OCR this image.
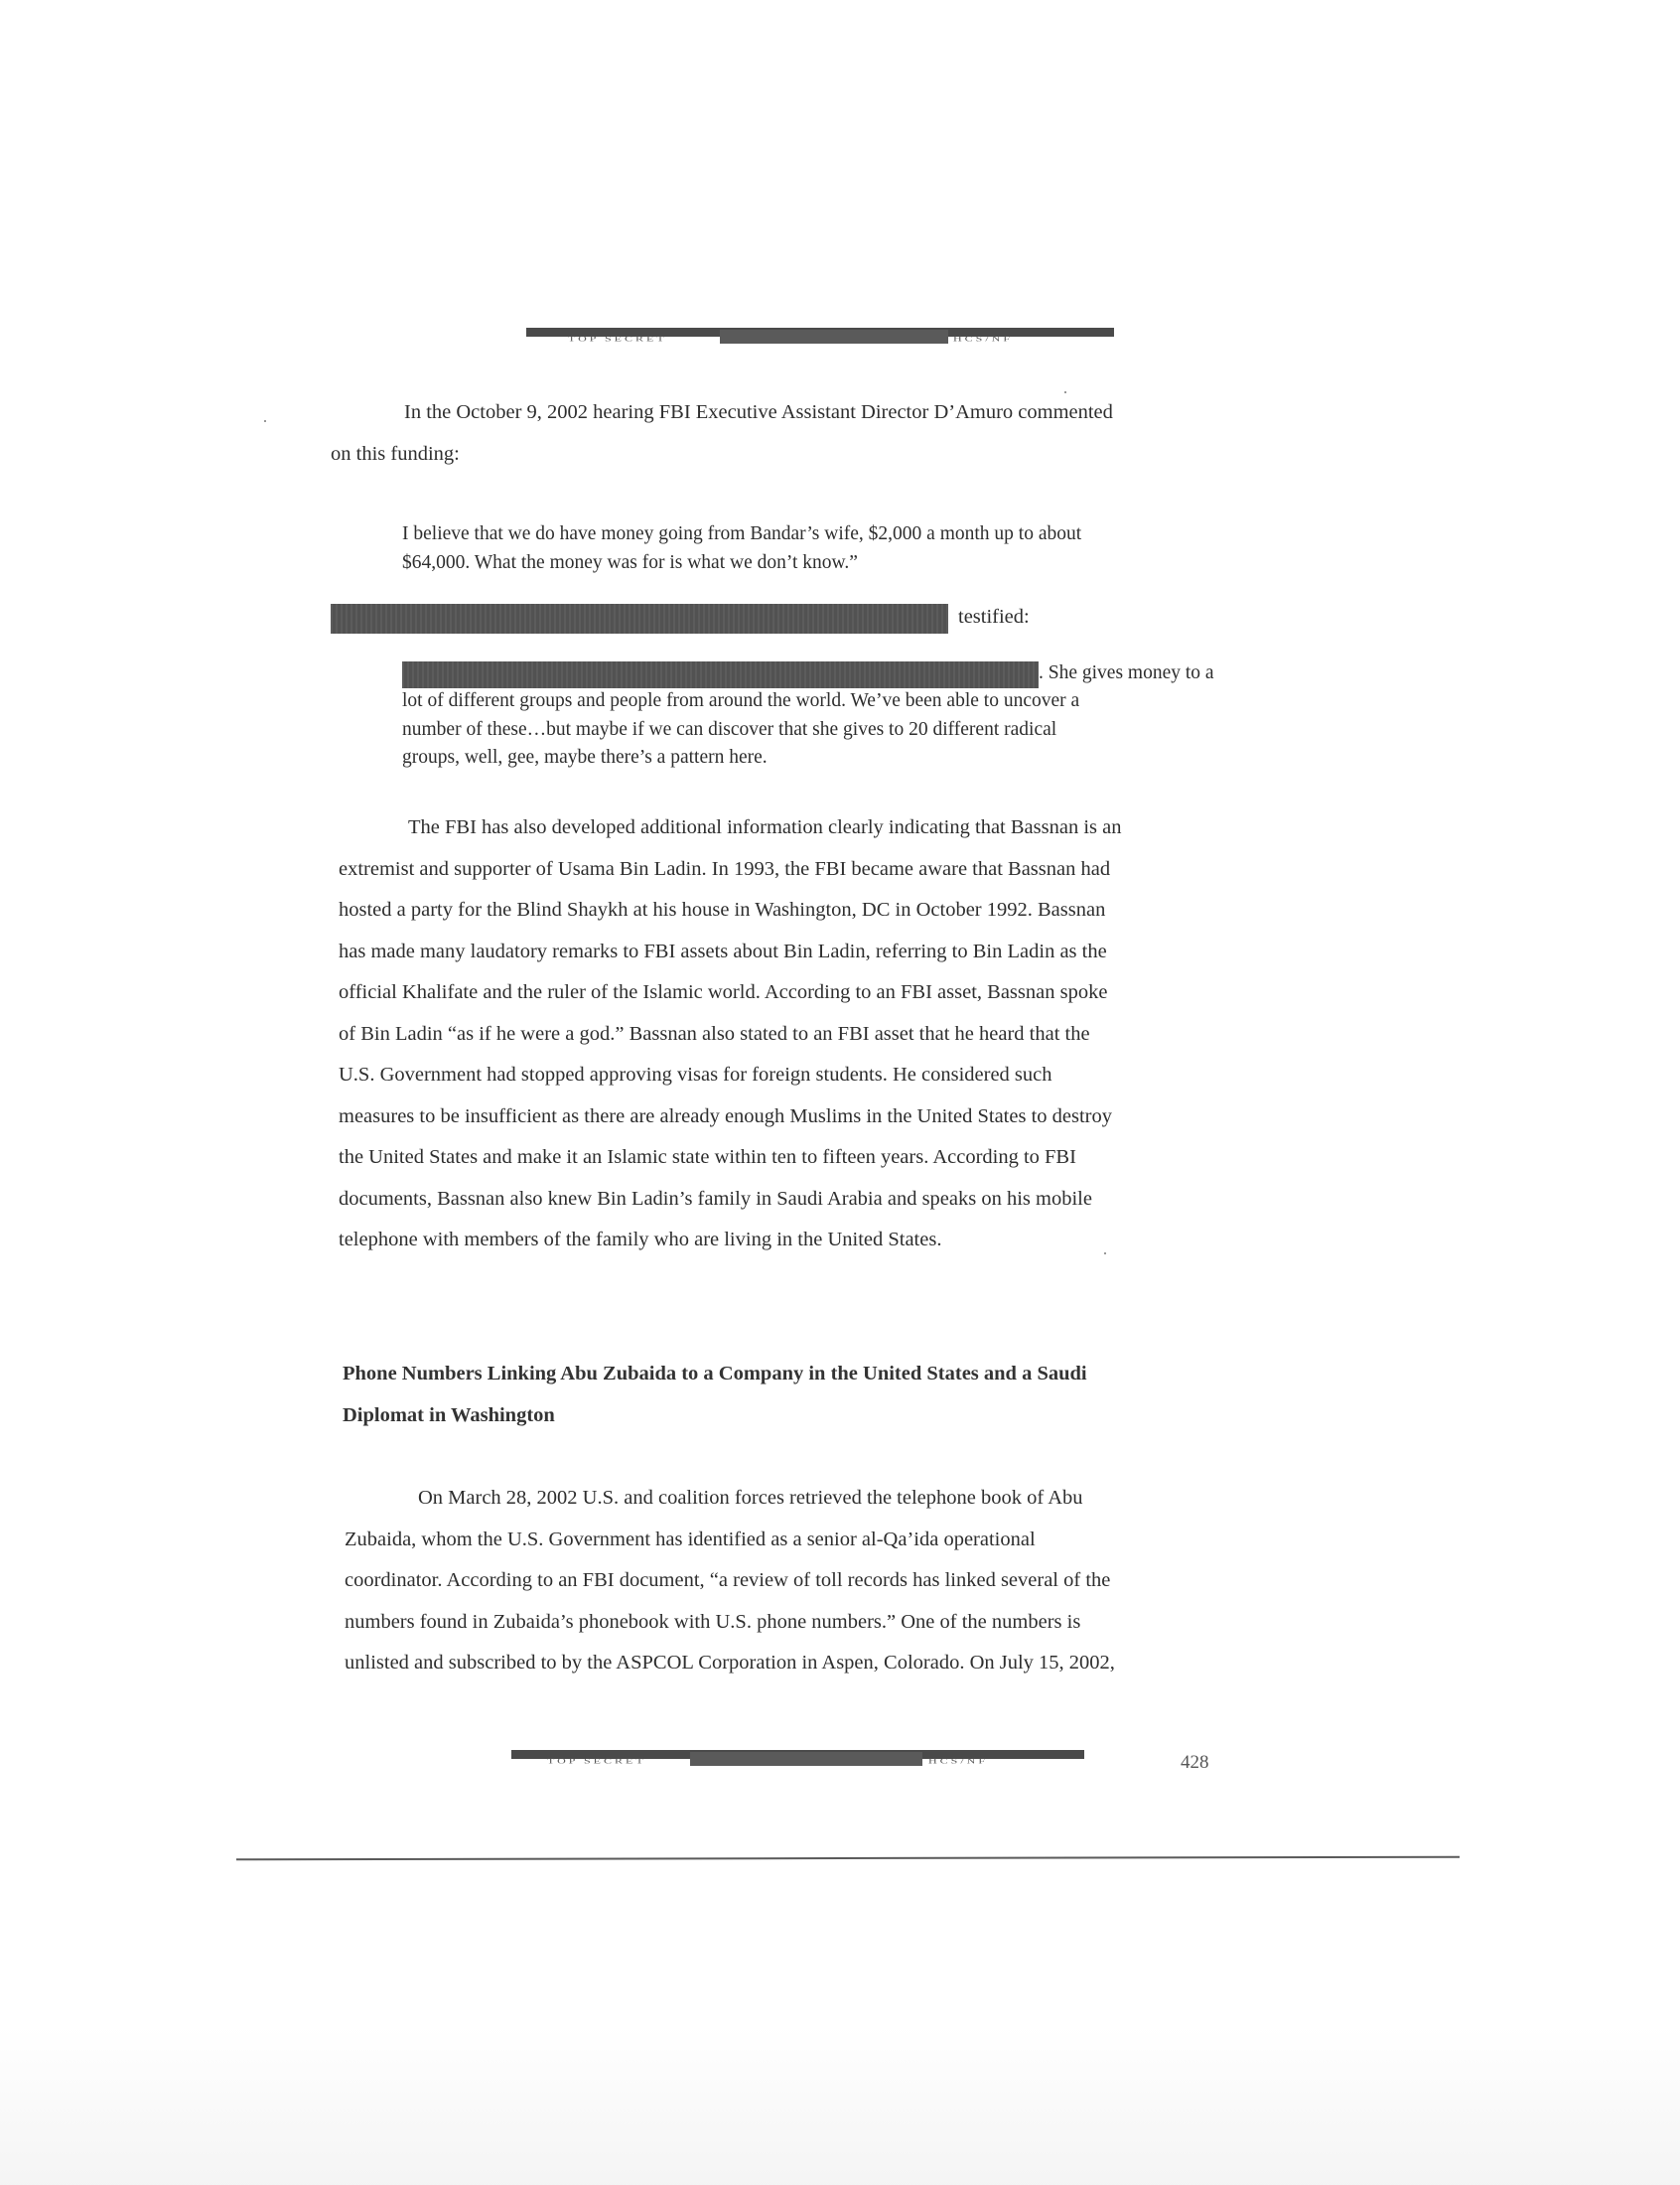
TOP SECRET	HCS/NF
In the October 9, 2002 hearing FBI Executive Assistant Director D’Amuro commented
on this funding:
I believe that we do have money going from Bandar’s wife, $2,000 a month up to about
$64,000. What the money was for is what we don’t know.”
testified:
. She gives money to a
lot of different groups and people from around the world. We’ve been able to uncover a
number of these…but maybe if we can discover that she gives to 20 different radical
groups, well, gee, maybe there’s a pattern here.
The FBI has also developed additional information clearly indicating that Bassnan is an
extremist and supporter of Usama Bin Ladin. In 1993, the FBI became aware that Bassnan had
hosted a party for the Blind Shaykh at his house in Washington, DC in October 1992. Bassnan
has made many laudatory remarks to FBI assets about Bin Ladin, referring to Bin Ladin as the
official Khalifate and the ruler of the Islamic world. According to an FBI asset, Bassnan spoke
of Bin Ladin “as if he were a god.” Bassnan also stated to an FBI asset that he heard that the
U.S. Government had stopped approving visas for foreign students. He considered such
measures to be insufficient as there are already enough Muslims in the United States to destroy
the United States and make it an Islamic state within ten to fifteen years. According to FBI
documents, Bassnan also knew Bin Ladin’s family in Saudi Arabia and speaks on his mobile
telephone with members of the family who are living in the United States.
Phone Numbers Linking Abu Zubaida to a Company in the United States and a Saudi
Diplomat in Washington
On March 28, 2002 U.S. and coalition forces retrieved the telephone book of Abu
Zubaida, whom the U.S. Government has identified as a senior al-Qa’ida operational
coordinator. According to an FBI document, “a review of toll records has linked several of the
numbers found in Zubaida’s phonebook with U.S. phone numbers.” One of the numbers is
unlisted and subscribed to by the ASPCOL Corporation in Aspen, Colorado. On July 15, 2002,
TOP SECRET	HCS/NF	428
